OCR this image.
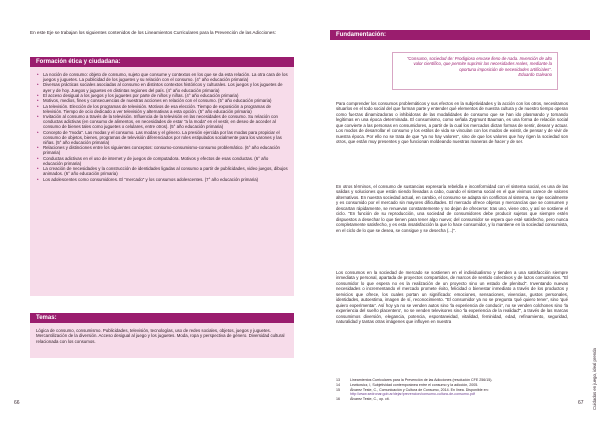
En este Eje se trabajan los siguientes contenidos de los Lineamientos Curriculares para la Prevención de las Adicciones:

Formación ética y ciudadana:
• La noción de consumo: objeto de consumo, sujeto que consume y contextos en los que se da esta relación. La otra cara de los juegos y juguetes. La publicidad de los juguetes y su relación con el consumo. (4° año educación primaria)
• Diversas prácticas sociales asociadas al consumo en distintos contextos históricos y culturales. Los juegos y los juguetes de ayer y de hoy. Juegos y juguetes en distintas regiones del país. (4° año educación primaria)
• El acceso desigual a los juegos y los juguetes por parte de niños y niñas. (4° año educación primaria)
• Motivos, medios, fines y consecuencias de nuestras acciones en relación con el consumo. (5° año educación primaria)
• La televisión. Elección de los programas de televisión. Motivos de esa elección. Tiempo de exposición a programas de televisión. Tiempo de ocio dedicado a ver televisión y alternativas a esta opción. (5° año educación primaria)
• Invitación al consumo a través de la televisión. Influencia de la televisión en las necesidades de consumo. Su relación con conductas adictivas (en consumo de alimentos, en necesidades de estar "a la moda" en el vestir, en deseo de acceder al consumo de bienes tales como juguetes o celulares, entre otros). (5° año educación primaria)
• Concepto de "moda". Las modas y el consumo. Las modas y el género. La presión ejercida por las modas para propiciar el consumo de objetos, bienes, programas de televisión diferenciados por roles estipulados socialmente para los varones y las niñas. (5° año educación primaria)
• Relaciones y distinciones entre los siguientes conceptos: consumo-consumismo-consumo problemático. (6° año educación primaria)
• Conductas adictivas en el uso de internet y de juegos de computadora. Motivos y efectos de esas conductas. (6° año educación primaria)
• La creación de necesidades y la construcción de identidades ligadas al consumo a partir de publicidades, video juegos, dibujos animados. (6° año educación primaria)
• Los adolescentes como consumidores. El "mercado" y los consumos adolescentes. (7° año educación primaria)
Temas:

Lógica de consumo, consumismo. Publicidades, televisión, tecnologías, uso de redes sociales, objetos, juegos y juguetes. Mercantilización de la diversión. Acceso desigual al juego y los juguetes. Moda, ropa y perspectiva de género. Diversidad cultural relacionada con los consumos.

66
Fundamentación:
"Consumo, sociedad de: Prodigioso envase lleno de nada. Invención de alto valor científico, que permite suprimir las necesidades reales, mediante la oportuna imposición de necesidades artificiales".
Eduardo Galeano

Para comprender los consumos problemáticos y sus efectos en la subjetividades y la acción con los otros, necesitamos situarlos en el todo social del que forman parte y entender qué elementos de nuestra cultura y de nuestro tiempo operan como fuerzas dinamizadoras o inhibidoras de las modalidades de consumo que se han ido plasmando y tornando legítimas en una época determinada. El consumismo, como señala Zygmunt Bauman, es una forma de relación social que convierte a las personas en consumidores, a partir de la cual los mercados dictan formas de sentir, desear y actuar. Los modos de desarrollar el consumo y los estilos de vida se vinculan con los modos de existir, de pensar y de vivir de nuestra época. Por ello no se trata de que "ya no hay valores", sino de que los valores que hoy rigen la sociedad son otros, que están muy presentes y que funcionan moldeando nuestras maneras de hacer y de ser.

En otros términos, el consumo de sustancias expresaría rebeldía e inconformidad con el sistema social, es una de las salidas y soluciones que están siendo llevadas a cabo, cuando el sistema social en el que vivimos carece de valores alternativos. En nuestra sociedad actual, en cambio, el consumo se adapta sin conflictos al sistema, se rige socialmente y es consumido por el mercado sin mayores dificultades. El mercado ofrece objetos y mercancías que se consumen y descartan rápidamente, se renuevan constantemente y no dejan de ofrecerse: tras uno, viene otro, y así se sostiene el ciclo. "En función de su reproducción, una sociedad de consumidores debe producir sujetos que siempre estén dispuestos a desechar lo que tienen para tener algo nuevo; del consumidor se espera que esté satisfecho, pero nunca completamente satisfecho, y es esta insatisfacción la que lo hace consumidor, y lo mantiene en la sociedad consumista, en el ciclo de lo que se desea, se consigue y se desecha (...)".

Los consumos en la sociedad de mercado se sostienen en el individualismo y tienden a una satisfacción siempre inmediata y personal, apartada de proyectos compartidos, de marcos de sentido colectivos y de lazos comunitarios. "El consumidor lo que espera no es la realización de un proyecto sino un estado de plenitud". Inventando nuevas necesidades o incrementando el mercado promete éxito, felicidad o bienestar inmediato a través de los productos y servicios que ofrece, los cuales portan un significado: emociones, sensaciones, vivencias, gustos personales, identidades, autoestima, imagen de sí, reconocimiento. "El consumidor ya no se pregunta 'qué quiero tener', sino 'qué quiero experimentar'. Así hoy ya no se venden autos sino 'la experiencia de conducir', no se venden colchones sino 'la experiencia del sueño placentero', no se venden televisores sino 'la experiencia de la realidad'", a través de las marcas consumimos diversión, elegancia, potencia, espontaneidad, vitalidad, feminidad, edad, refinamiento, seguridad, naturalidad y tantas otras imágenes que influyen en nuestra

13	Lineamientos Curriculares para la Prevención de las Adicciones (resolución CFE 256/15).
14	Lewkowicz, I, Subjetividad contemporánea entre el consumo y la adicción, 2005.
15	Álvarez Teste, C., Comunicación y Cultura de Consumo, 2014. En línea. Disponible en: http://www.sedronar.gob.ar/dejar/prevencion/consumo-cultura-de-consumo.pdf
16	Álvarez Teste, C., op. cit.	Cuidados en juego, ideal prenda
67
